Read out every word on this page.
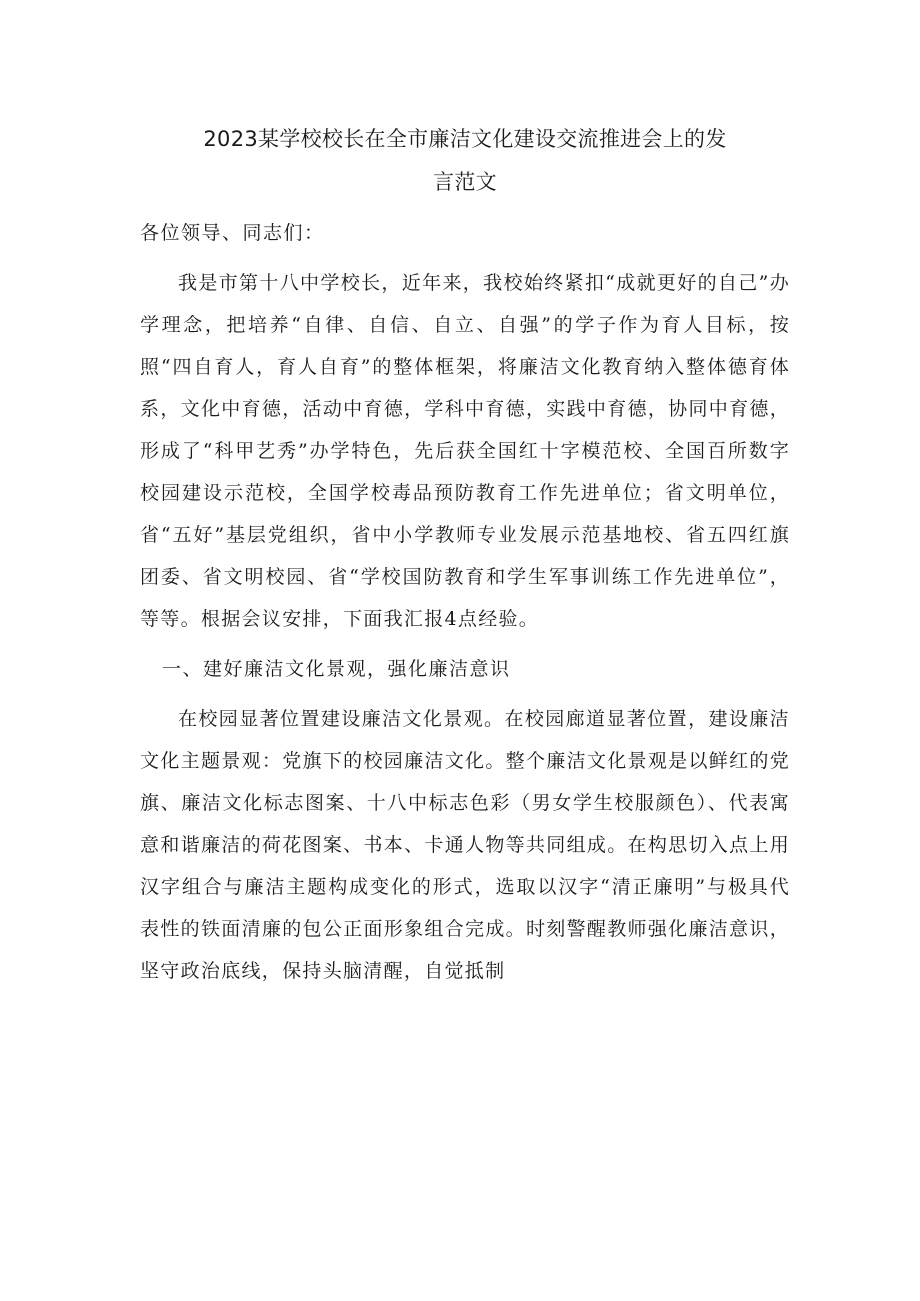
2023某学校校长在全市廉洁文化建设交流推进会上的发
言范文

各位领导、同志们：

我是市第十八中学校长，近年来，我校始终紧扣“成就更好的自己”办学理念，把培养“自律、自信、自立、自强”的学子作为育人目标，按照“四自育人，育人自育”的整体框架，将廉洁文化教育纳入整体德育体系，文化中育德，活动中育德，学科中育德，实践中育德，协同中育德，形成了“科甲艺秀”办学特色，先后获全国红十字模范校、全国百所数字校园建设示范校，全国学校毒品预防教育工作先进单位；省文明单位，省“五好”基层党组织，省中小学教师专业发展示范基地校、省五四红旗团委、省文明校园、省“学校国防教育和学生军事训练工作先进单位”，等等。根据会议安排，下面我汇报4点经验。

一、建好廉洁文化景观，强化廉洁意识

在校园显著位置建设廉洁文化景观。在校园廊道显著位置，建设廉洁文化主题景观：党旗下的校园廉洁文化。整个廉洁文化景观是以鲜红的党旗、廉洁文化标志图案、十八中标志色彩（男女学生校服颜色）、代表寓意和谐廉洁的荷花图案、书本、卡通人物等共同组成。在构思切入点上用汉字组合与廉洁主题构成变化的形式，选取以汉字“清正廉明”与极具代表性的铁面清廉的包公正面形象组合完成。时刻警醒教师强化廉洁意识，坚守政治底线，保持头脑清醒，自觉抵制
